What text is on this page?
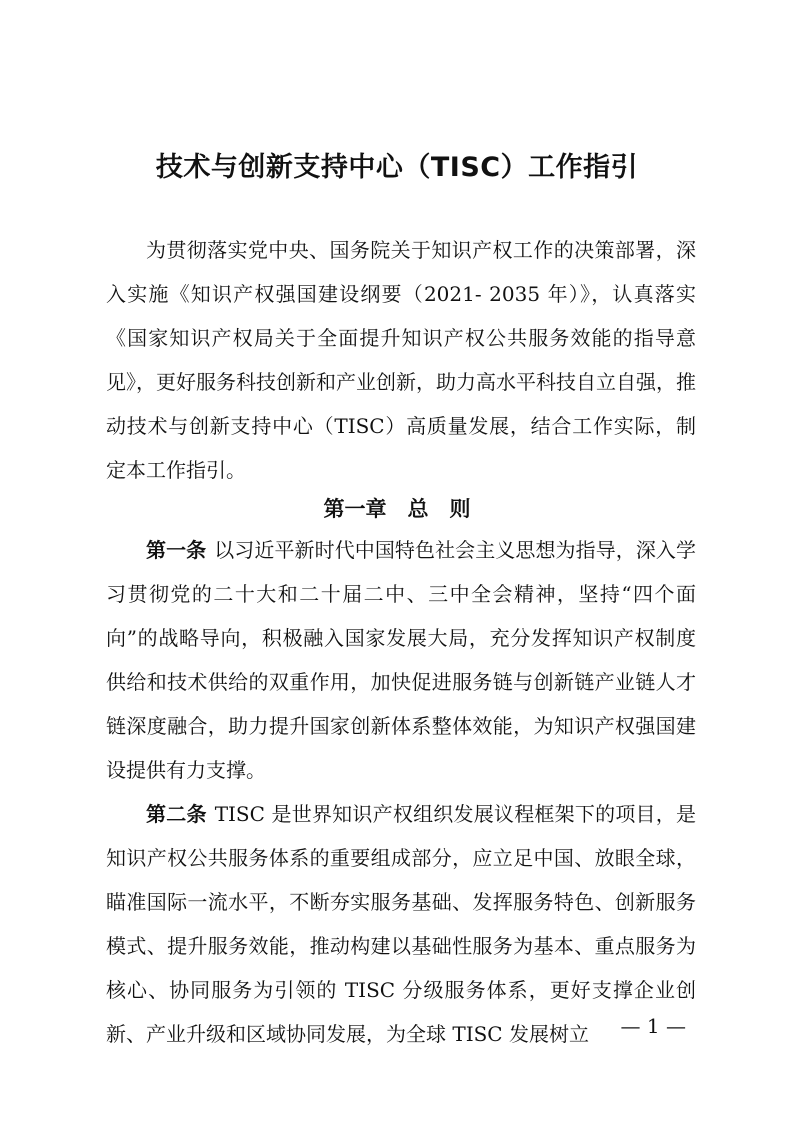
技术与创新支持中心（TISC）工作指引

为贯彻落实党中央、国务院关于知识产权工作的决策部署，深入实施《知识产权强国建设纲要（2021- 2035 年）》，认真落实《国家知识产权局关于全面提升知识产权公共服务效能的指导意见》，更好服务科技创新和产业创新，助力高水平科技自立自强，推动技术与创新支持中心（TISC）高质量发展，结合工作实际，制定本工作指引。

第一章　总　则

第一条 以习近平新时代中国特色社会主义思想为指导，深入学习贯彻党的二十大和二十届二中、三中全会精神，坚持“四个面向”的战略导向，积极融入国家发展大局，充分发挥知识产权制度供给和技术供给的双重作用，加快促进服务链与创新链产业链人才链深度融合，助力提升国家创新体系整体效能，为知识产权强国建设提供有力支撑。

第二条 TISC 是世界知识产权组织发展议程框架下的项目，是知识产权公共服务体系的重要组成部分，应立足中国、放眼全球，瞄准国际一流水平，不断夯实服务基础、发挥服务特色、创新服务模式、提升服务效能，推动构建以基础性服务为基本、重点服务为核心、协同服务为引领的 TISC 分级服务体系，更好支撑企业创新、产业升级和区域协同发展，为全球 TISC 发展树立	— 1 —
